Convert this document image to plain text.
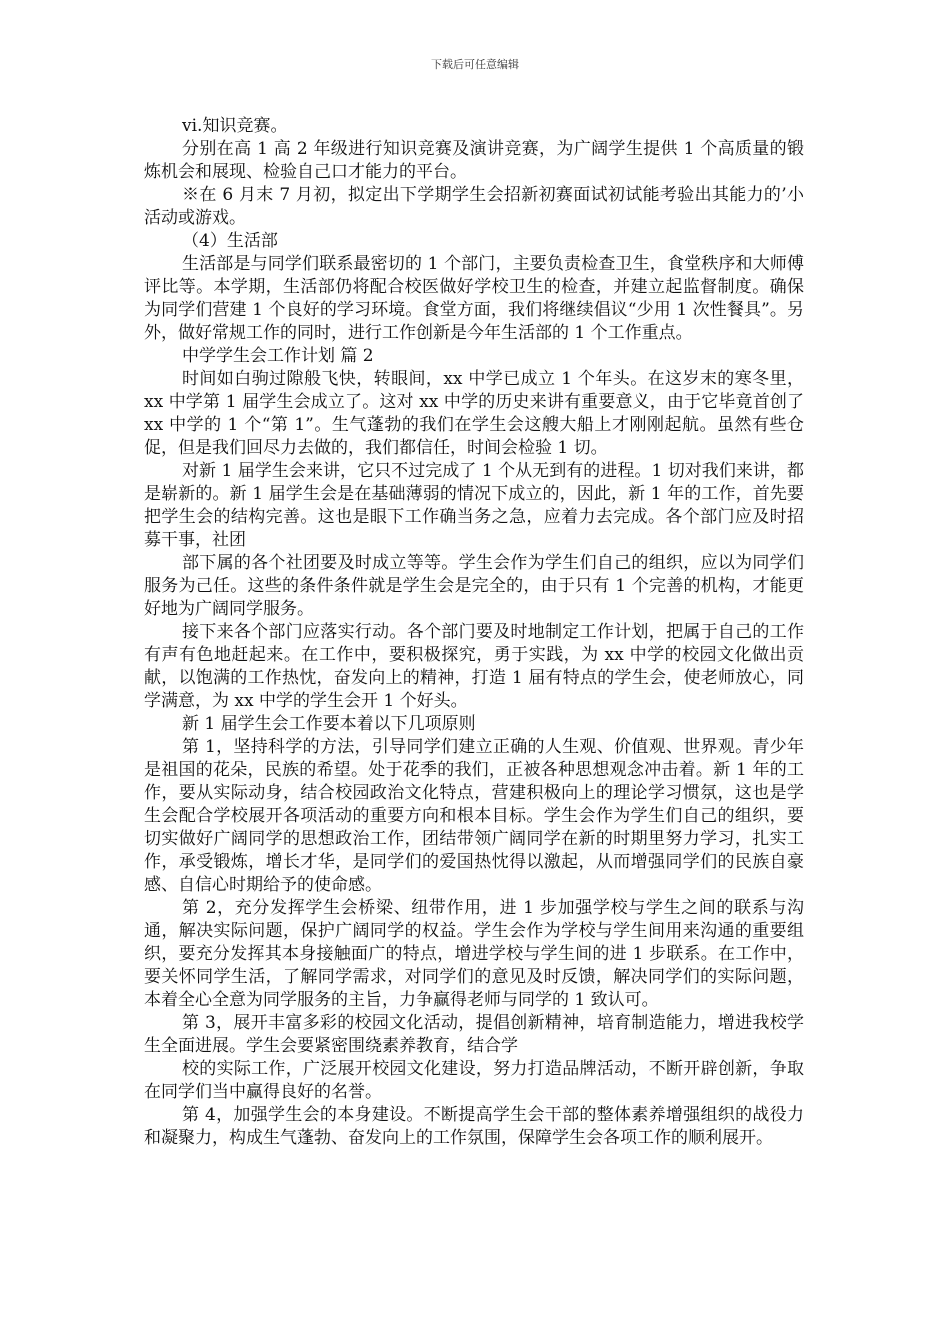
下载后可任意编辑

vi.知识竞赛。

分别在高 1 高 2 年级进行知识竞赛及演讲竞赛，为广阔学生提供 1 个高质量的锻炼机会和展现、检验自己口才能力的平台。

※在 6 月末 7 月初，拟定出下学期学生会招新初赛面试初试能考验出其能力的’小活动或游戏。

（4）生活部

生活部是与同学们联系最密切的 1 个部门，主要负责检查卫生，食堂秩序和大师傅评比等。本学期，生活部仍将配合校医做好学校卫生的检查，并建立起监督制度。确保为同学们营建 1 个良好的学习环境。食堂方面，我们将继续倡议“少用 1 次性餐具”。另外，做好常规工作的同时，进行工作创新是今年生活部的 1 个工作重点。

中学学生会工作计划 篇 2

时间如白驹过隙般飞快，转眼间，xx 中学已成立 1 个年头。在这岁末的寒冬里，xx 中学第 1 届学生会成立了。这对 xx 中学的历史来讲有重要意义，由于它毕竟首创了 xx 中学的 1 个“第 1”。生气蓬勃的我们在学生会这艘大船上才刚刚起航。虽然有些仓促，但是我们回尽力去做的，我们都信任，时间会检验 1 切。

对新 1 届学生会来讲，它只不过完成了 1 个从无到有的进程。1 切对我们来讲，都是崭新的。新 1 届学生会是在基础薄弱的情况下成立的，因此，新 1 年的工作，首先要把学生会的结构完善。这也是眼下工作确当务之急，应着力去完成。各个部门应及时招募干事，社团

部下属的各个社团要及时成立等等。学生会作为学生们自己的组织，应以为同学们服务为己任。这些的条件条件就是学生会是完全的，由于只有 1 个完善的机构，才能更好地为广阔同学服务。

接下来各个部门应落实行动。各个部门要及时地制定工作计划，把属于自己的工作有声有色地赶起来。在工作中，要积极探究，勇于实践，为 xx 中学的校园文化做出贡献，以饱满的工作热忱，奋发向上的精神，打造 1 届有特点的学生会，使老师放心，同学满意，为 xx 中学的学生会开 1 个好头。

新 1 届学生会工作要本着以下几项原则

第 1，坚持科学的方法，引导同学们建立正确的人生观、价值观、世界观。青少年是祖国的花朵，民族的希望。处于花季的我们，正被各种思想观念冲击着。新 1 年的工作，要从实际动身，结合校园政治文化特点，营建积极向上的理论学习惯氛，这也是学生会配合学校展开各项活动的重要方向和根本目标。学生会作为学生们自己的组织，要切实做好广阔同学的思想政治工作，团结带领广阔同学在新的时期里努力学习，扎实工作，承受锻炼，增长才华，是同学们的爱国热忱得以激起，从而增强同学们的民族自豪感、自信心时期给予的使命感。

第 2，充分发挥学生会桥梁、纽带作用，进 1 步加强学校与学生之间的联系与沟通，解决实际问题，保护广阔同学的权益。学生会作为学校与学生间用来沟通的重要组织，要充分发挥其本身接触面广的特点，增进学校与学生间的进 1 步联系。在工作中，要关怀同学生活，了解同学需求，对同学们的意见及时反馈，解决同学们的实际问题，本着全心全意为同学服务的主旨，力争赢得老师与同学的 1 致认可。

第 3，展开丰富多彩的校园文化活动，提倡创新精神，培育制造能力，增进我校学生全面进展。学生会要紧密围绕素养教育，结合学

校的实际工作，广泛展开校园文化建设，努力打造品牌活动，不断开辟创新，争取在同学们当中赢得良好的名誉。

第 4，加强学生会的本身建设。不断提高学生会干部的整体素养增强组织的战役力和凝聚力，构成生气蓬勃、奋发向上的工作氛围，保障学生会各项工作的顺利展开。
